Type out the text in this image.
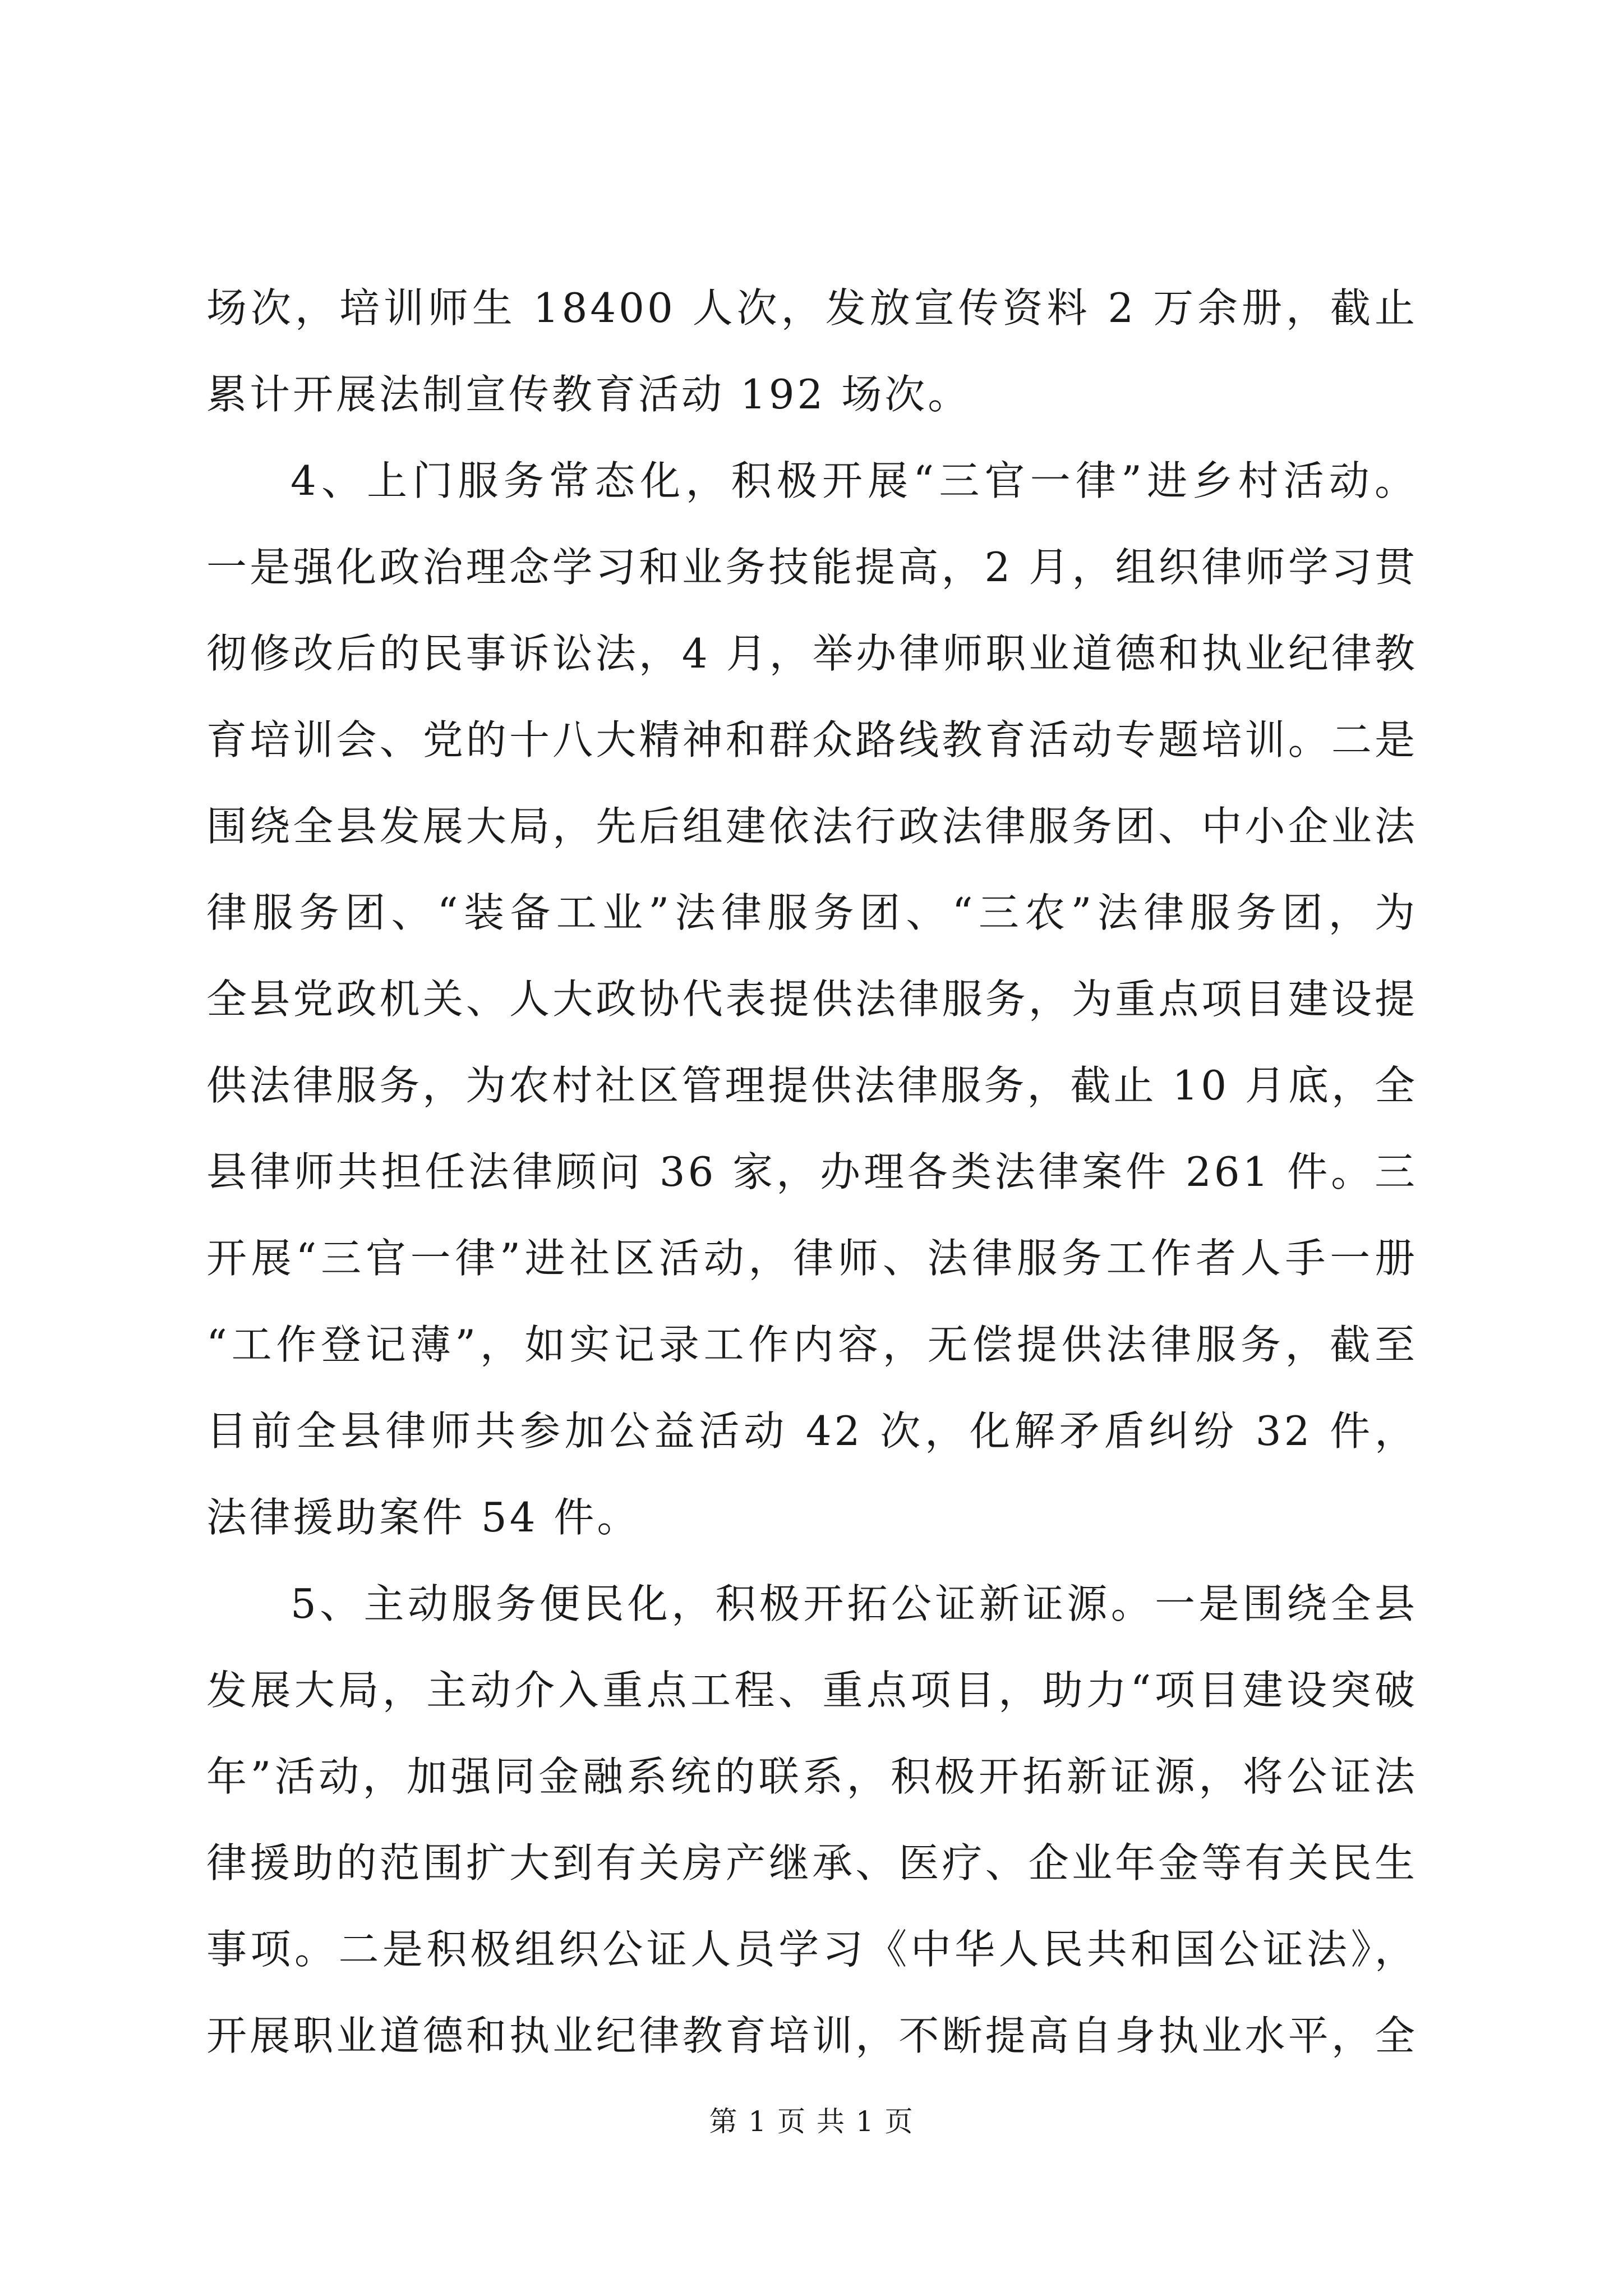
场次，培训师生 18400 人次，发放宣传资料 2 万余册，截止
累计开展法制宣传教育活动 192 场次。
4、上门服务常态化，积极开展“三官一律”进乡村活动。
一是强化政治理念学习和业务技能提高，2 月，组织律师学习贯
彻修改后的民事诉讼法，4 月，举办律师职业道德和执业纪律教
育培训会、党的十八大精神和群众路线教育活动专题培训。二是
围绕全县发展大局，先后组建依法行政法律服务团、中小企业法
律服务团、“装备工业”法律服务团、“三农”法律服务团，为
全县党政机关、人大政协代表提供法律服务，为重点项目建设提
供法律服务，为农村社区管理提供法律服务，截止 10 月底，全
县律师共担任法律顾问 36 家，办理各类法律案件 261 件。三
开展“三官一律”进社区活动，律师、法律服务工作者人手一册
“工作登记薄”，如实记录工作内容，无偿提供法律服务，截至
目前全县律师共参加公益活动 42 次，化解矛盾纠纷 32 件，
法律援助案件 54 件。
5、主动服务便民化，积极开拓公证新证源。一是围绕全县
发展大局，主动介入重点工程、重点项目，助力“项目建设突破
年”活动，加强同金融系统的联系，积极开拓新证源，将公证法
律援助的范围扩大到有关房产继承、医疗、企业年金等有关民生
事项。二是积极组织公证人员学习《中华人民共和国公证法》，
开展职业道德和执业纪律教育培训，不断提高自身执业水平，全
第 1 页 共 1 页
